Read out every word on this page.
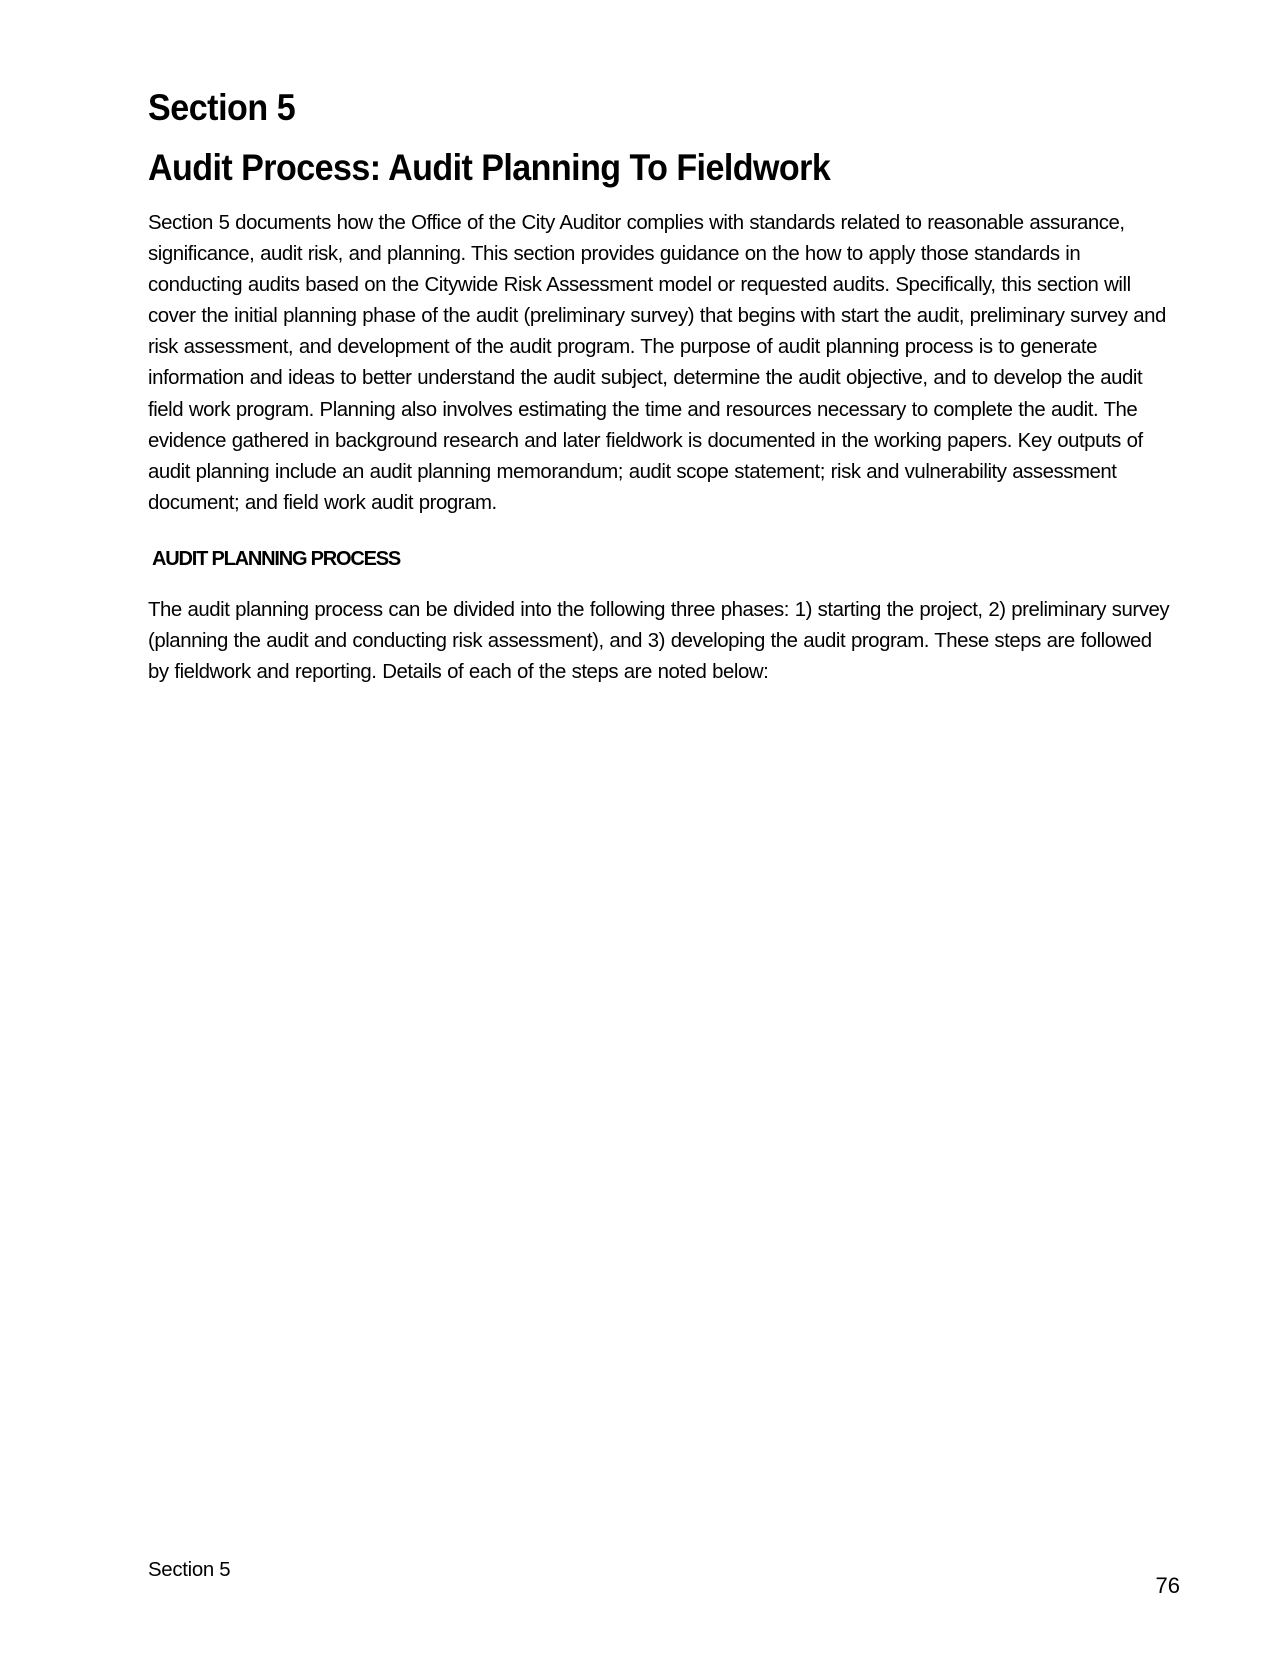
Section 5
Audit Process: Audit Planning To Fieldwork

Section 5 documents how the Office of the City Auditor complies with standards related to reasonable assurance, significance, audit risk, and planning. This section provides guidance on the how to apply those standards in conducting audits based on the Citywide Risk Assessment model or requested audits. Specifically, this section will cover the initial planning phase of the audit (preliminary survey) that begins with start the audit, preliminary survey and risk assessment, and development of the audit program. The purpose of audit planning process is to generate information and ideas to better understand the audit subject, determine the audit objective, and to develop the audit field work program. Planning also involves estimating the time and resources necessary to complete the audit. The evidence gathered in background research and later fieldwork is documented in the working papers. Key outputs of audit planning include an audit planning memorandum; audit scope statement; risk and vulnerability assessment document; and field work audit program.

AUDIT PLANNING PROCESS

The audit planning process can be divided into the following three phases: 1) starting the project, 2) preliminary survey (planning the audit and conducting risk assessment), and 3) developing the audit program. These steps are followed by fieldwork and reporting. Details of each of the steps are noted below:

Section 5
76
